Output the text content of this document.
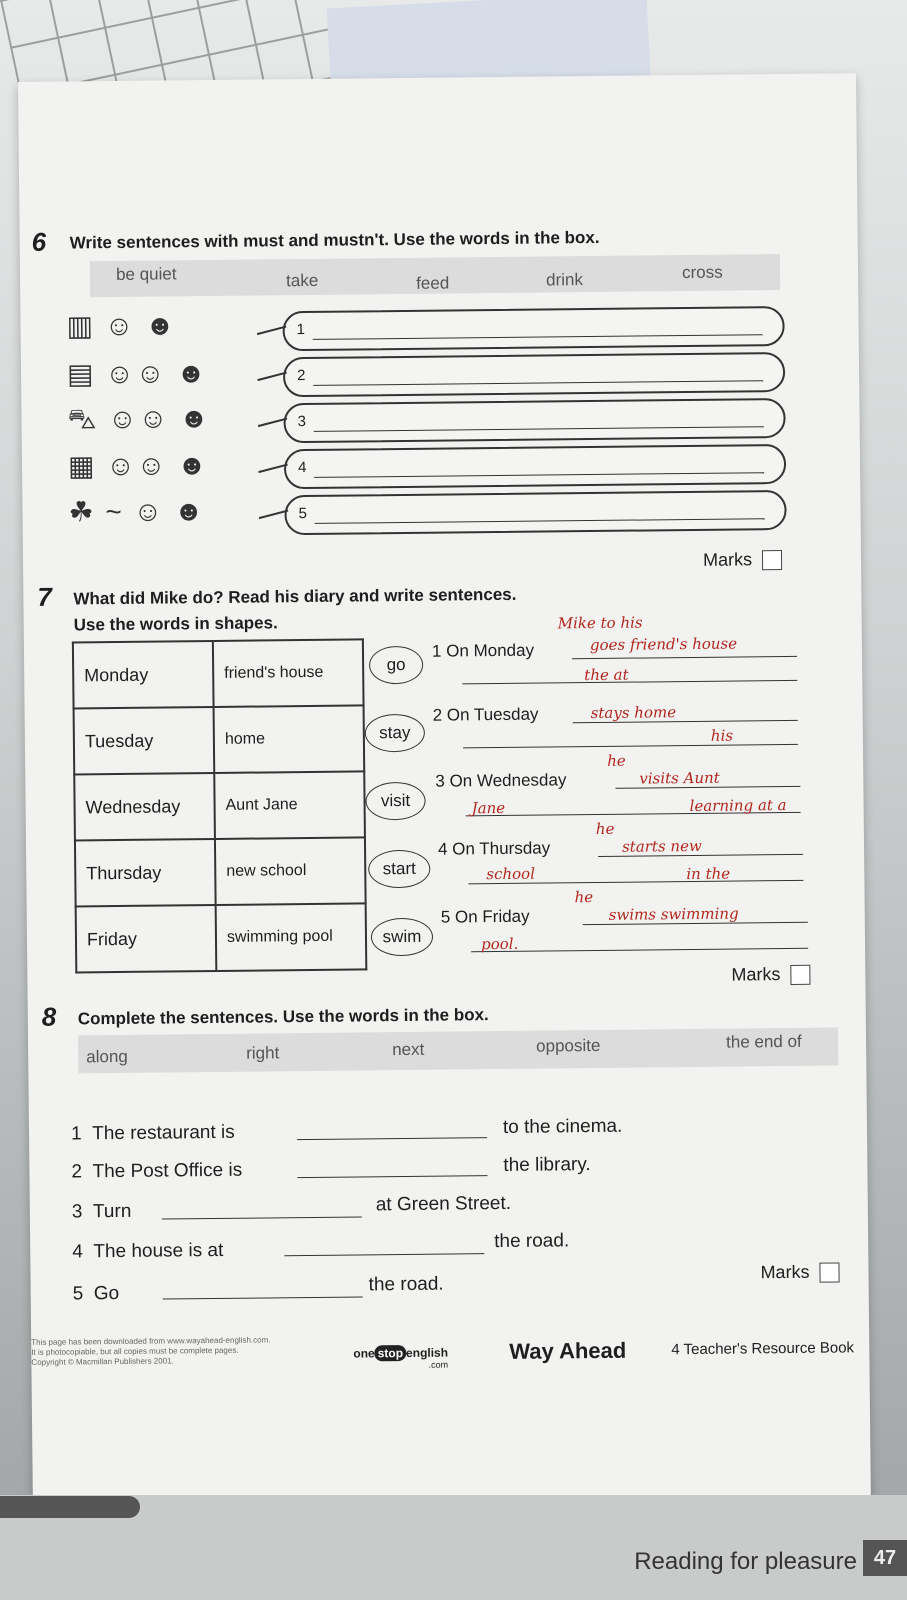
6 Write sentences with must and mustn't. Use the words in the box.
be quiet	take	feed	drink	cross
▥ ☺ ☻
▤ ☺☺ ☻
⛍ ☺☺ ☻
▦ ☺☺ ☻
☘ ~ ☺ ☻
1
2
3
4
5
Marks
7 What did Mike do? Read his diary and write sentences.
Use the words in shapes.
Monday	friend's house
Tuesday	home
Wednesday	Aunt Jane
Thursday	new school
Friday	swimming pool
go
stay
visit
start
swim
1 On Monday
2 On Tuesday
3 On Wednesday
4 On Thursday
5 On Friday
Mike to his
goes friend's house
the at
stays home
his
he
visits Aunt
Jane	learning at a
he
starts new
school	in the
he
swims swimming
pool.
Marks
8 Complete the sentences. Use the words in the box.
along	right	next	opposite	the end of
1 The restaurant is	to the cinema.
2 The Post Office is	the library.
3 Turn	at Green Street.
4 The house is at	the road.
5 Go	the road.
Marks
This page has been downloaded from www.wayahead-english.com.
It is photocopiable, but all copies must be complete pages.
Copyright © Macmillan Publishers 2001.
one stop english
.com
Way Ahead	4 Teacher's Resource Book
Reading for pleasure 47
